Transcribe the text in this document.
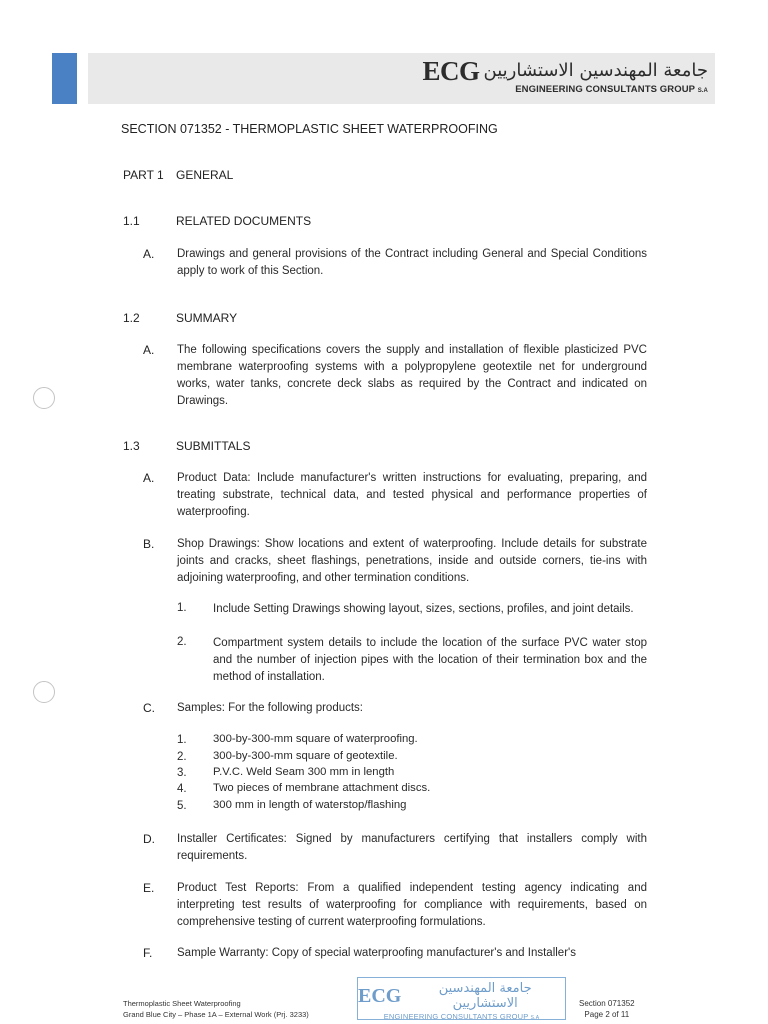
ECG جامعة المهندسين الاستشاريين
ENGINEERING CONSULTANTS GROUP S.A
SECTION 071352 - THERMOPLASTIC SHEET WATERPROOFING
PART 1 GENERAL
1.1	RELATED DOCUMENTS
A. Drawings and general provisions of the Contract including General and Special Conditions apply to work of this Section.
1.2	SUMMARY
A. The following specifications covers the supply and installation of flexible plasticized PVC membrane waterproofing systems with a polypropylene geotextile net for underground works, water tanks, concrete deck slabs as required by the Contract and indicated on Drawings.
1.3	SUBMITTALS
A. Product Data: Include manufacturer's written instructions for evaluating, preparing, and treating substrate, technical data, and tested physical and performance properties of waterproofing.
B. Shop Drawings: Show locations and extent of waterproofing. Include details for substrate joints and cracks, sheet flashings, penetrations, inside and outside corners, tie-ins with adjoining waterproofing, and other termination conditions.
1. Include Setting Drawings showing layout, sizes, sections, profiles, and joint details.
2. Compartment system details to include the location of the surface PVC water stop and the number of injection pipes with the location of their termination box and the method of installation.
C. Samples: For the following products:
1. 300-by-300-mm square of waterproofing.
2. 300-by-300-mm square of geotextile.
3. P.V.C. Weld Seam 300 mm in length
4. Two pieces of membrane attachment discs.
5. 300 mm in length of waterstop/flashing
D. Installer Certificates: Signed by manufacturers certifying that installers comply with requirements.
E. Product Test Reports: From a qualified independent testing agency indicating and interpreting test results of waterproofing for compliance with requirements, based on comprehensive testing of current waterproofing formulations.
F. Sample Warranty: Copy of special waterproofing manufacturer's and Installer's
Thermoplastic Sheet Waterproofing
Grand Blue City – Phase 1A – External Work (Prj. 3233)
ECG	جامعة المهندسين الاستشاريين
ENGINEERING CONSULTANTS GROUP S.A
Section 071352
Page 2 of 11
